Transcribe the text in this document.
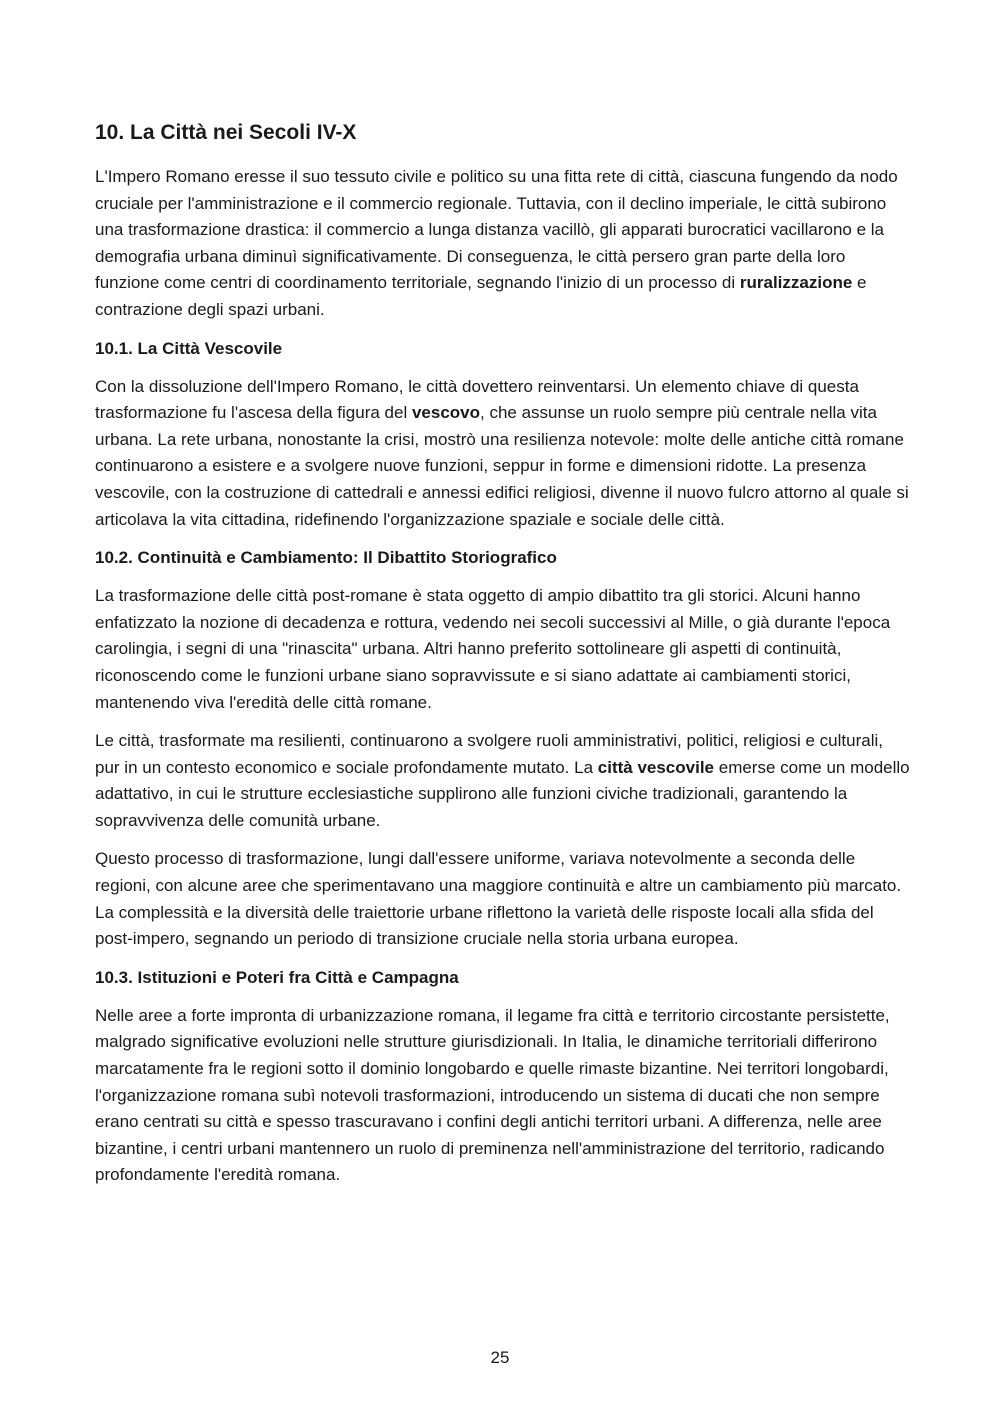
10. La Città nei Secoli IV-X

L'Impero Romano eresse il suo tessuto civile e politico su una fitta rete di città, ciascuna fungendo da nodo cruciale per l'amministrazione e il commercio regionale. Tuttavia, con il declino imperiale, le città subirono una trasformazione drastica: il commercio a lunga distanza vacillò, gli apparati burocratici vacillarono e la demografia urbana diminuì significativamente. Di conseguenza, le città persero gran parte della loro funzione come centri di coordinamento territoriale, segnando l'inizio di un processo di ruralizzazione e contrazione degli spazi urbani.

10.1. La Città Vescovile

Con la dissoluzione dell'Impero Romano, le città dovettero reinventarsi. Un elemento chiave di questa trasformazione fu l'ascesa della figura del vescovo, che assunse un ruolo sempre più centrale nella vita urbana. La rete urbana, nonostante la crisi, mostrò una resilienza notevole: molte delle antiche città romane continuarono a esistere e a svolgere nuove funzioni, seppur in forme e dimensioni ridotte. La presenza vescovile, con la costruzione di cattedrali e annessi edifici religiosi, divenne il nuovo fulcro attorno al quale si articolava la vita cittadina, ridefinendo l'organizzazione spaziale e sociale delle città.

10.2. Continuità e Cambiamento: Il Dibattito Storiografico

La trasformazione delle città post-romane è stata oggetto di ampio dibattito tra gli storici. Alcuni hanno enfatizzato la nozione di decadenza e rottura, vedendo nei secoli successivi al Mille, o già durante l'epoca carolingia, i segni di una "rinascita" urbana. Altri hanno preferito sottolineare gli aspetti di continuità, riconoscendo come le funzioni urbane siano sopravvissute e si siano adattate ai cambiamenti storici, mantenendo viva l'eredità delle città romane.

Le città, trasformate ma resilienti, continuarono a svolgere ruoli amministrativi, politici, religiosi e culturali, pur in un contesto economico e sociale profondamente mutato. La città vescovile emerse come un modello adattativo, in cui le strutture ecclesiastiche supplirono alle funzioni civiche tradizionali, garantendo la sopravvivenza delle comunità urbane.

Questo processo di trasformazione, lungi dall'essere uniforme, variava notevolmente a seconda delle regioni, con alcune aree che sperimentavano una maggiore continuità e altre un cambiamento più marcato. La complessità e la diversità delle traiettorie urbane riflettono la varietà delle risposte locali alla sfida del post-impero, segnando un periodo di transizione cruciale nella storia urbana europea.

10.3. Istituzioni e Poteri fra Città e Campagna

Nelle aree a forte impronta di urbanizzazione romana, il legame fra città e territorio circostante persistette, malgrado significative evoluzioni nelle strutture giurisdizionali. In Italia, le dinamiche territoriali differirono marcatamente fra le regioni sotto il dominio longobardo e quelle rimaste bizantine. Nei territori longobardi, l'organizzazione romana subì notevoli trasformazioni, introducendo un sistema di ducati che non sempre erano centrati su città e spesso trascuravano i confini degli antichi territori urbani. A differenza, nelle aree bizantine, i centri urbani mantennero un ruolo di preminenza nell'amministrazione del territorio, radicando profondamente l'eredità romana.

25
